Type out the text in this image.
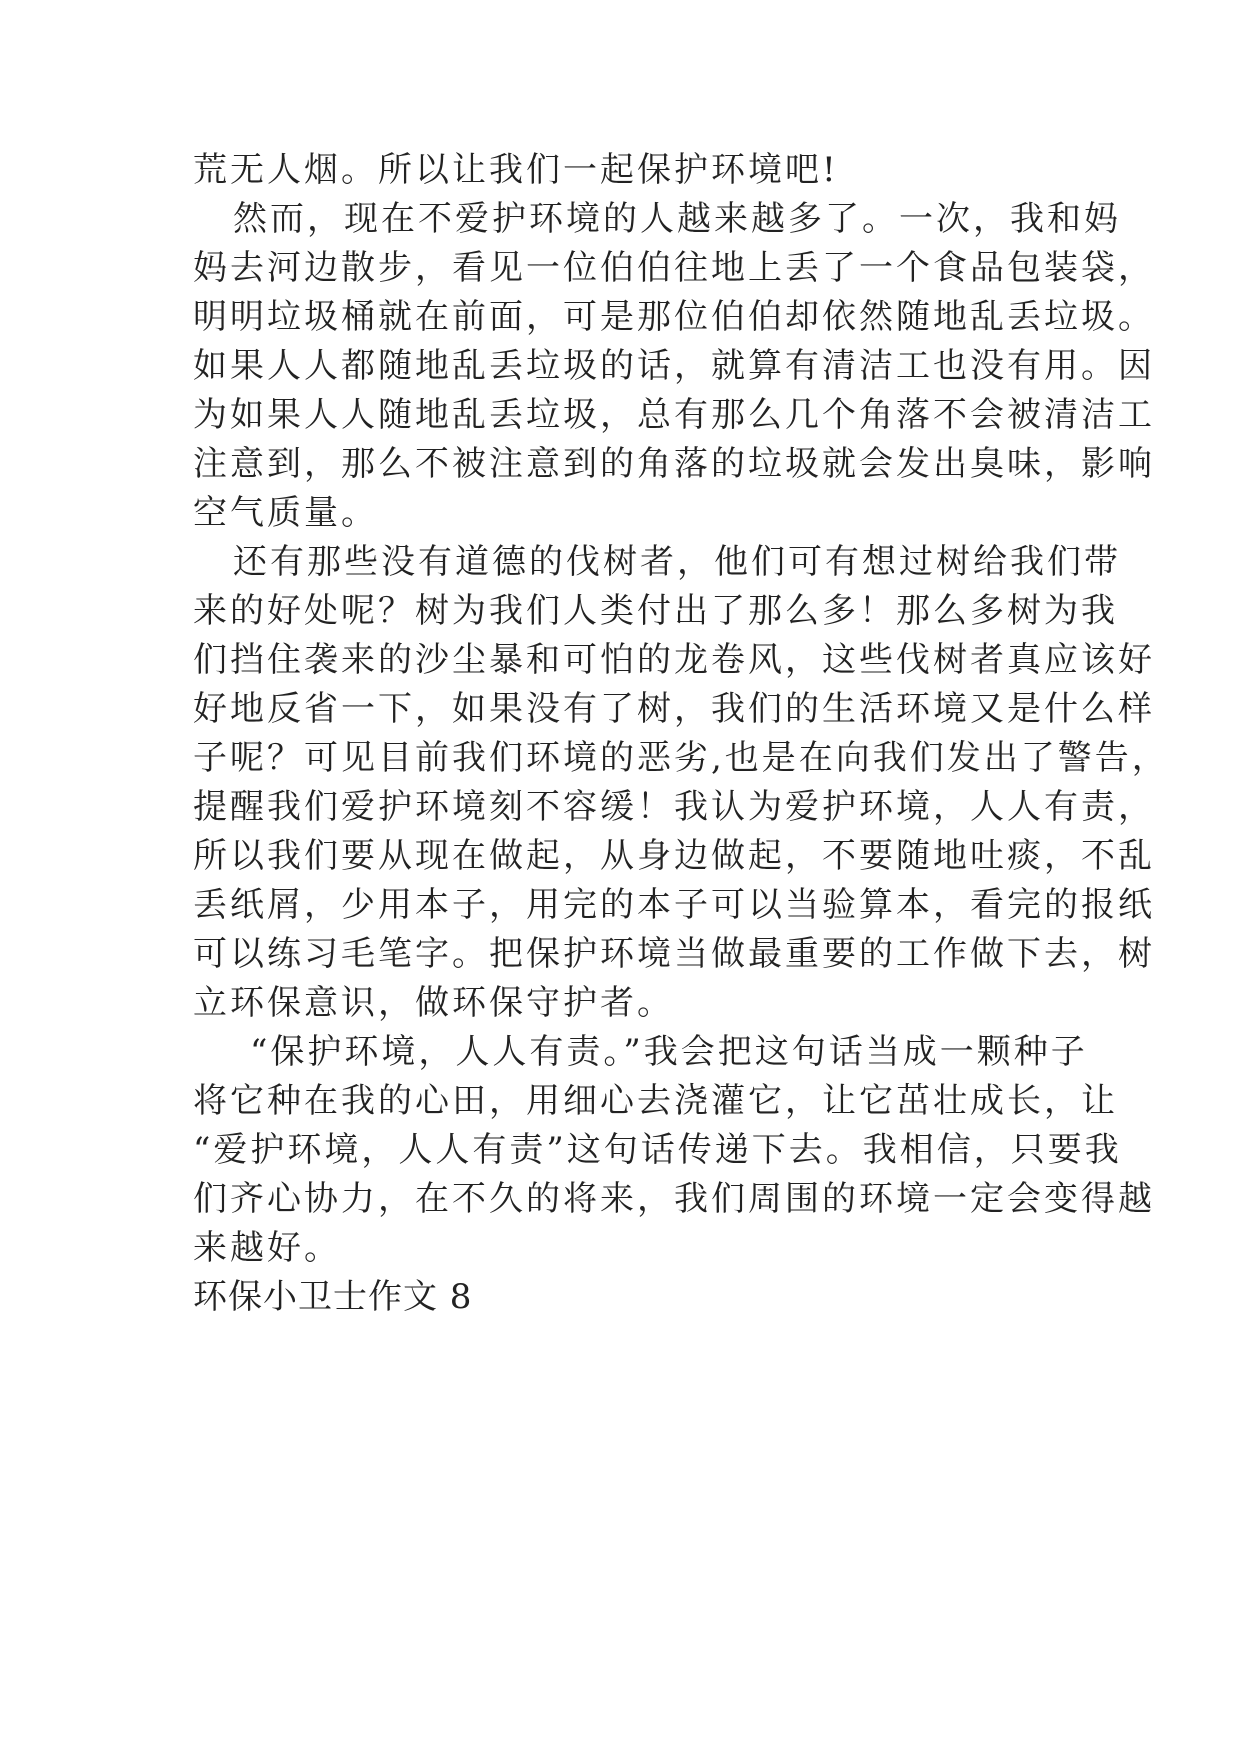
荒无人烟。所以让我们一起保护环境吧!
然而，现在不爱护环境的人越来越多了。一次，我和妈
妈去河边散步，看见一位伯伯往地上丢了一个食品包装袋，
明明垃圾桶就在前面，可是那位伯伯却依然随地乱丢垃圾。
如果人人都随地乱丢垃圾的话，就算有清洁工也没有用。因
为如果人人随地乱丢垃圾，总有那么几个角落不会被清洁工
注意到，那么不被注意到的角落的垃圾就会发出臭味，影响
空气质量。
还有那些没有道德的伐树者，他们可有想过树给我们带
来的好处呢？树为我们人类付出了那么多！那么多树为我
们挡住袭来的沙尘暴和可怕的龙卷风，这些伐树者真应该好
好地反省一下，如果没有了树，我们的生活环境又是什么样
子呢？可见目前我们环境的恶劣,也是在向我们发出了警告，
提醒我们爱护环境刻不容缓！我认为爱护环境，人人有责，
所以我们要从现在做起，从身边做起，不要随地吐痰，不乱
丢纸屑，少用本子，用完的本子可以当验算本，看完的报纸
可以练习毛笔字。把保护环境当做最重要的工作做下去，树
立环保意识，做环保守护者。
“保护环境，人人有责。”我会把这句话当成一颗种子
将它种在我的心田，用细心去浇灌它，让它茁壮成长，让
“爱护环境，人人有责”这句话传递下去。我相信，只要我
们齐心协力，在不久的将来，我们周围的环境一定会变得越
来越好。
环保小卫士作文 8
